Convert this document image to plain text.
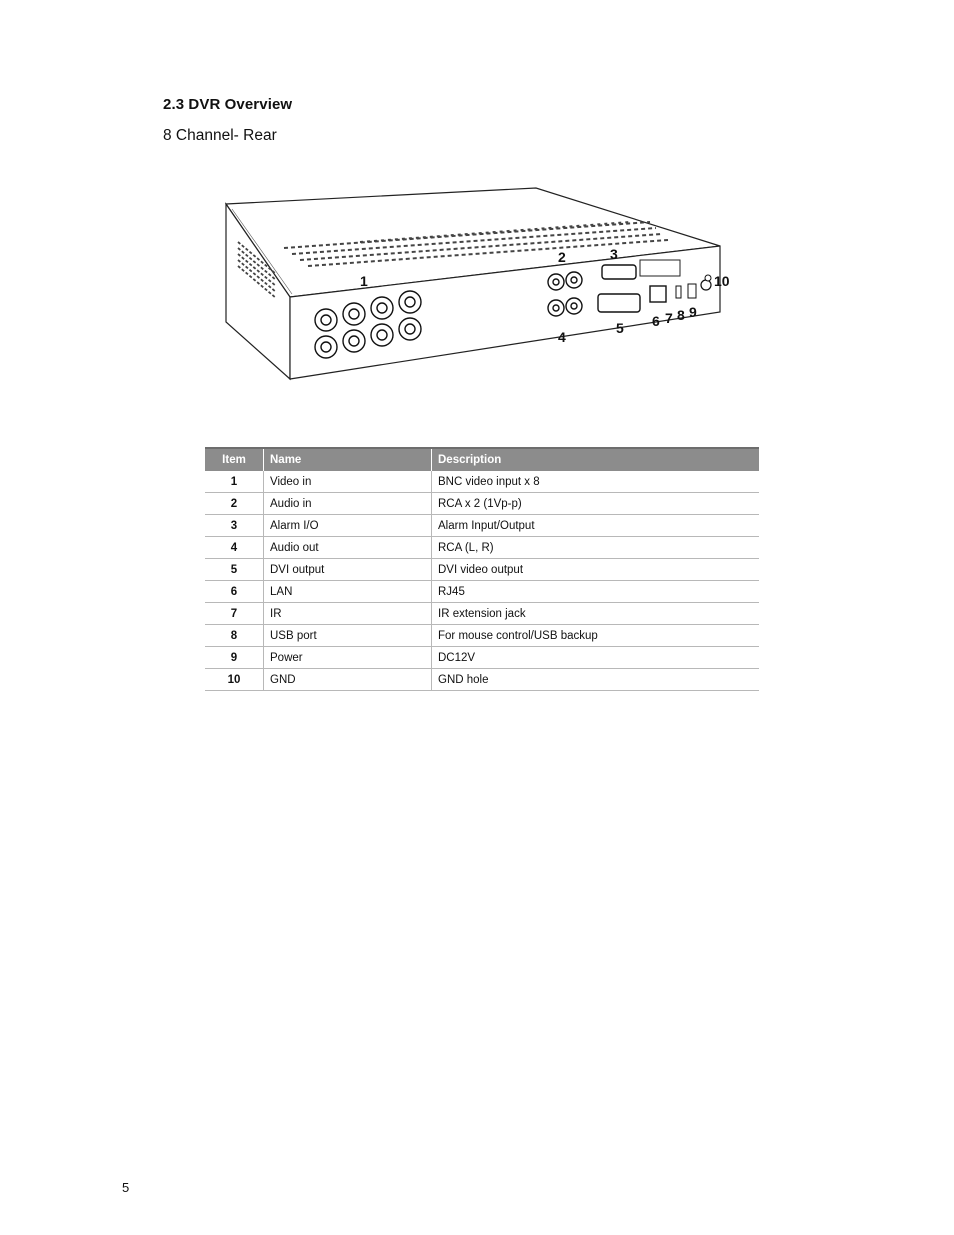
2.3 DVR Overview
8 Channel- Rear
1
2	3
4
5 6 7 8 9
10
Item	Name	Description
1	Video in	BNC video input x 8
2	Audio in	RCA x 2 (1Vp-p)
3	Alarm I/O	Alarm Input/Output
4	Audio out	RCA (L, R)
5	DVI output	DVI video output
6	LAN	RJ45
7	IR	IR extension jack
8	USB port	For mouse control/USB backup
9	Power	DC12V
10	GND	GND hole
5
